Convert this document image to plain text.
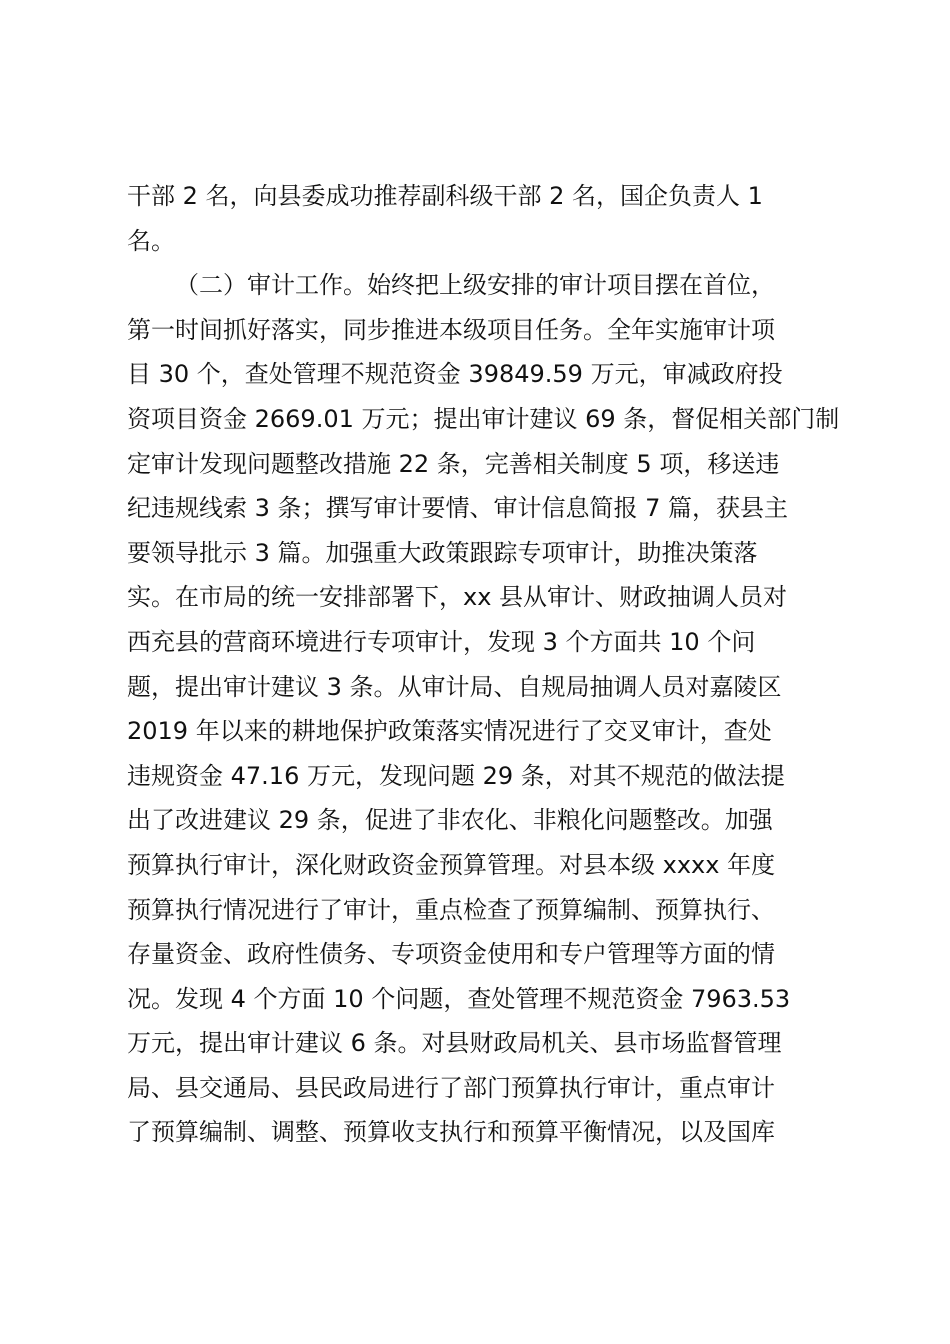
干部 2 名，向县委成功推荐副科级干部 2 名，国企负责人 1
名。
（二）审计工作。始终把上级安排的审计项目摆在首位，
第一时间抓好落实，同步推进本级项目任务。全年实施审计项
目 30 个，查处管理不规范资金 39849.59 万元，审减政府投
资项目资金 2669.01 万元；提出审计建议 69 条，督促相关部门制
定审计发现问题整改措施 22 条，完善相关制度 5 项，移送违
纪违规线索 3 条；撰写审计要情、审计信息简报 7 篇，获县主
要领导批示 3 篇。加强重大政策跟踪专项审计，助推决策落
实。在市局的统一安排部署下，xx 县从审计、财政抽调人员对
西充县的营商环境进行专项审计，发现 3 个方面共 10 个问
题，提出审计建议 3 条。从审计局、自规局抽调人员对嘉陵区
2019 年以来的耕地保护政策落实情况进行了交叉审计，查处
违规资金 47.16 万元，发现问题 29 条，对其不规范的做法提
出了改进建议 29 条，促进了非农化、非粮化问题整改。加强
预算执行审计，深化财政资金预算管理。对县本级 xxxx 年度
预算执行情况进行了审计，重点检查了预算编制、预算执行、
存量资金、政府性债务、专项资金使用和专户管理等方面的情
况。发现 4 个方面 10 个问题，查处管理不规范资金 7963.53
万元，提出审计建议 6 条。对县财政局机关、县市场监督管理
局、县交通局、县民政局进行了部门预算执行审计，重点审计
了预算编制、调整、预算收支执行和预算平衡情况，以及国库
